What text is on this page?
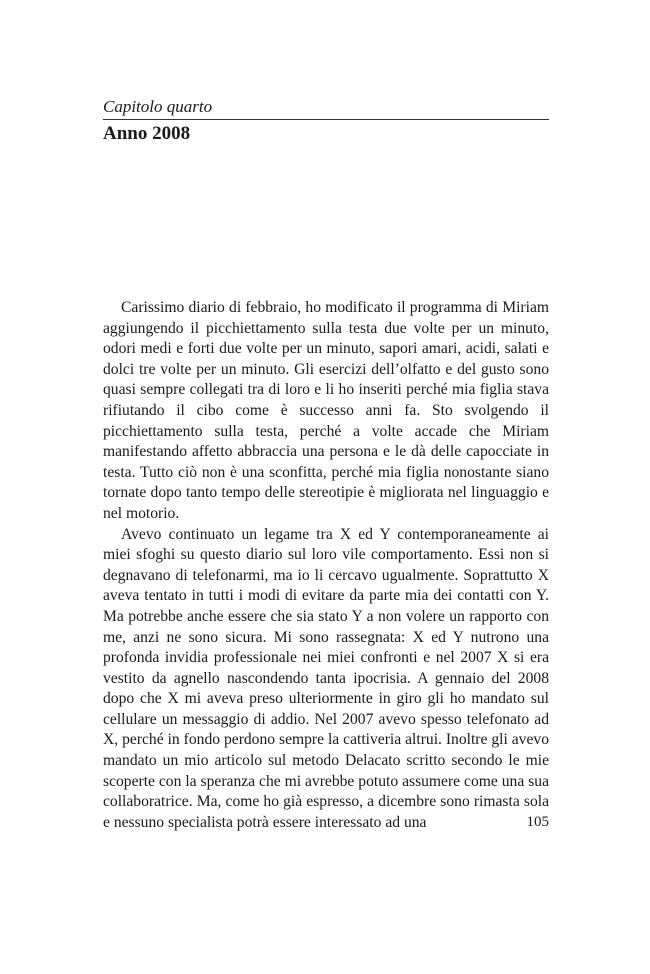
Capitolo quarto

Anno 2008

Carissimo diario di febbraio, ho modificato il programma di Miriam aggiungendo il picchiettamento sulla testa due volte per un minuto, odori medi e forti due volte per un minuto, sapori amari, acidi, salati e dolci tre volte per un minuto. Gli esercizi dell’olfatto e del gusto sono quasi sempre collegati tra di loro e li ho inseriti perché mia figlia stava rifiutando il cibo come è successo anni fa. Sto svolgendo il picchiettamento sulla testa, perché a volte accade che Miriam manifestando affetto abbraccia una persona e le dà delle capocciate in testa. Tutto ciò non è una sconfitta, perché mia figlia nonostante siano tornate dopo tanto tempo delle stereotipie è migliorata nel linguaggio e nel motorio.

Avevo continuato un legame tra X ed Y contemporaneamente ai miei sfoghi su questo diario sul loro vile comportamento. Essi non si degnavano di telefonarmi, ma io li cercavo ugualmente. Soprattutto X aveva tentato in tutti i modi di evitare da parte mia dei contatti con Y. Ma potrebbe anche essere che sia stato Y a non volere un rapporto con me, anzi ne sono sicura. Mi sono rassegnata: X ed Y nutrono una profonda invidia professionale nei miei confronti e nel 2007 X si era vestito da agnello nascondendo tanta ipocrisia. A gennaio del 2008 dopo che X mi aveva preso ulteriormente in giro gli ho mandato sul cellulare un messaggio di addio. Nel 2007 avevo spesso telefonato ad X, perché in fondo perdono sempre la cattiveria altrui. Inoltre gli avevo mandato un mio articolo sul metodo Delacato scritto secondo le mie scoperte con la speranza che mi avrebbe potuto assumere come una sua collaboratrice. Ma, come ho già espresso, a dicembre sono rimasta sola e nessuno specialista potrà essere interessato ad una	105
